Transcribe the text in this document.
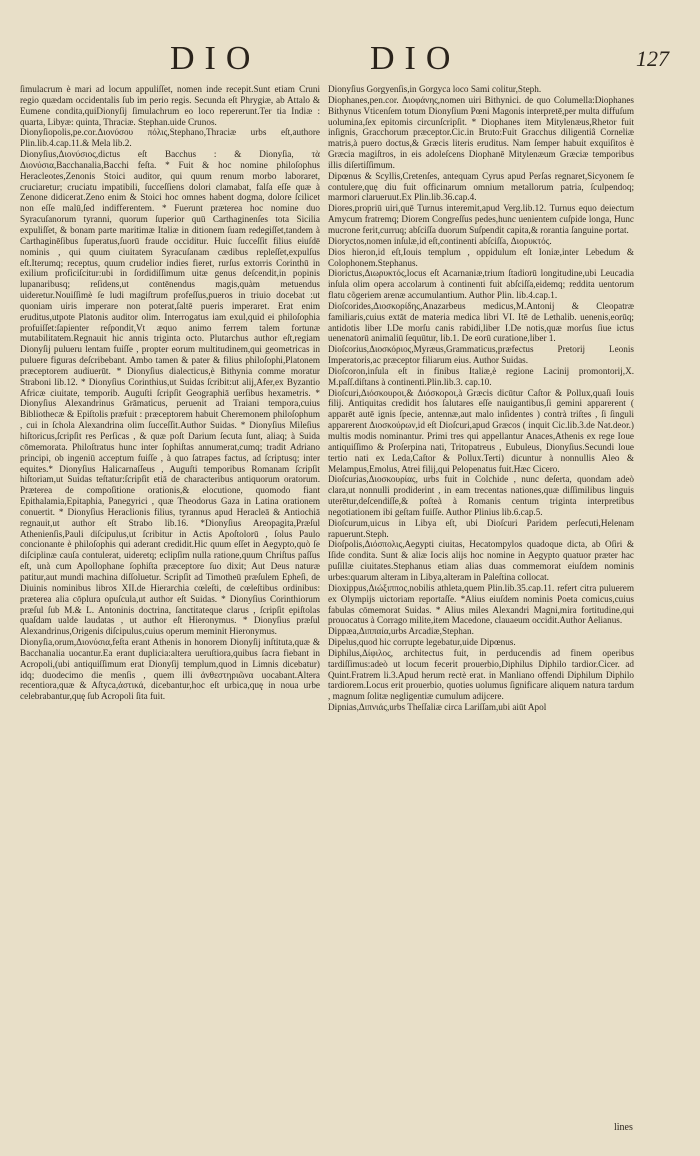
DIO	DIO	127

ſimulacrum è mari ad locum appuliſſet, nomen inde recepit.Sunt etiam Cruni regio quædam occidentalis ſub im perio regis. Secunda eſt Phrygiæ, ab Attalo & Eumene condita,quiDionyſij ſimulachrum eo loco repererunt.Ter tia Indiæ : quarta, Libyæ: quinta, Thraciæ. Stephan.uide Crunos.

Dionyſiopolis,pe.cor.Διονύσου πόλις,Stephano,Thraciæ urbs eſt,authore Plin.lib.4.cap.11.& Mela lib.2.

Dionyſius,Διονύσιος,dictus eſt Bacchus : & Dionyſia, τὰ Διονύσια,Bacchanalia,Bacchi feſta. * Fuit & hoc nomine philoſophus Heracleotes,Zenonis Stoici auditor, qui quum renum morbo laboraret, cruciaretur; cruciatu impatibili, ſucceſſiens dolori clamabat, falſa eſſe quæ à Zenone didicerat.Zeno enim & Stoici hoc omnes habent dogma, dolore ſcilicet non eſſe malū,ſed indifferentem. * Fuerunt præterea hoc nomine duo Syracuſanorum tyranni, quorum ſuperior quū Carthaginenſes tota Sicilia expuliſſet, & bonam parte maritimæ Italiæ in ditionem ſuam redegiſſet,tandem à Carthaginēſibus ſuperatus,ſuorū fraude occiditur. Huic ſucceſſit filius eiuſdē nominis , qui quum ciuitatem Syracuſanam cædibus repleſſet,expulſus eſt.Iterumq; receptus, quum crudelior indies fieret, rurſus extorris Corinthū in exilium proficiſcitur:ubi in ſordidiſſimum uitæ genus deſcendit,in popinis lupanaribusq; reſidens,ut contēnendus magis,quàm metuendus uideretur.Nouiſſimè ſe ludi magiſtrum profeſſus,pueros in triuio docebat :ut quoniam uiris imperare non poterat,ſaltē pueris imperaret. Erat enim eruditus,utpote Platonis auditor olim. Interrogatus iam exul,quid ei philoſophia profuiſſet:ſapienter reſpondit,Vt æquo animo ferrem talem fortunæ mutabilitatem.Regnauit hic annis triginta octo. Plutarchus author eſt,regiam Dionyſij pulueru lentam fuiſſe , propter eorum multitudinem,qui geometricas in puluere figuras deſcribebant. Ambo tamen & pater & filius philoſophi,Platonem præceptorem audiuerūt. * Dionyſius dialecticus,è Bithynia comme moratur Straboni lib.12. * Dionyſius Corinthius,ut Suidas ſcribit:ut alij,Afer,ex Byzantio Africæ ciuitate, temporib. Auguſti ſcripſit Geographiā uerſibus hexametris. * Dionyſius Alexandrinus Grāmaticus, peruenit ad Traiani tempora,cuius Bibliothecæ & Epiſtolis præfuit : præceptorem habuit Cheremonem philoſophum , cui in ſchola Alexandrina olim ſucceſſit.Author Suidas. * Dionyſius Mileſius hiſtoricus,ſcripſit res Perſicas , & quæ poſt Darium ſecuta ſunt, aliaq; à Suida cōmemorata. Philoſtratus hunc inter ſophiſtas annumerat,cumq; tradit Adriano principi, ob ingeniū acceptum fuiſſe , à quo ſatrapes factus, ad ſcriptusq; inter equites.* Dionyſius Halicarnaſſeus , Auguſti temporibus Romanam ſcripſit hiſtoriam,ut Suidas teſtatur:ſcripſit etiā de characteribus antiquorum oratorum. Præterea de compoſitione orationis,& elocutione, quomodo fiant Epithalamia,Epitaphia, Panegyrici , quæ Theodorus Gaza in Latina orationem conuertit. * Dionyſius Heraclionis filius, tyrannus apud Heracleā & Antiochiā regnauit,ut author eſt Strabo lib.16. *Dionyſius Areopagita,Præſul Athenienſis,Pauli diſcipulus,ut ſcribitur in Actis Apoſtolorū , ſolus Paulo concionante è philoſophis qui aderant credidit.Hic quum eſſet in Aegypto,quò ſe diſciplinæ cauſa contulerat, uideretq; eclipſim nulla ratione,quum Chriſtus paſſus eſt, unà cum Apollophane ſophiſta præceptore ſuo dixit; Aut Deus naturæ patitur,aut mundi machina diſſoluetur. Scripſit ad Timotheū præſulem Epheſi, de Diuinis nominibus libros XII.de Hierarchia cœleſti, de cœleſtibus ordinibus: præterea alia cōplura opuſcula,ut author eſt Suidas. * Dionyſius Corinthiorum præſul ſub M.& L. Antoninis doctrina, ſanctitateque clarus , ſcripſit epiſtolas quaſdam ualde laudatas , ut author eſt Hieronymus. * Dionyſius præſul Alexandrinus,Origenis diſcipulus,cuius operum meminit Hieronymus.

Dionyſia,orum,Διονύσια,feſta erant Athenis in honorem Dionyſij inſtituta,quæ & Bacchanalia uocantur.Ea erant duplicia:altera ueruſtiora,quibus ſacra fiebant in Acropoli,(ubi antiquiſſimum erat Dionyſij templum,quod in Limnis dicebatur) idq; duodecimo die menſis , quem illi ἀνθεστηριῶνα uocabant.Altera recentiora,quæ & Aſtyca,ἀστικά, dicebantur,hoc eſt urbica,quę in noua urbe celebrabantur,quę ſub Acropoli ſita fuit.

Dionyſius Gorgyenſis,in Gorgyca loco Sami colitur,Steph.

Diophanes,pen.cor. Διοφάνης,nomen uiri Bithynici. de quo Columella:Diophanes Bithynus Vticenſem totum Dionyſium Pœni Magonis interpretē,per multa diffuſum uolumina,ſex epitomis circunſcripſit. * Diophanes item Mitylenæus,Rhetor fuit inſignis, Gracchorum præceptor.Cic.in Bruto:Fuit Gracchus diligentiâ Corneliæ matris,à puero doctus,& Græcis literis eruditus. Nam ſemper habuit exquiſitos è Græcia magiſtros, in eis adoleſcens Diophanē Mitylenæum Græciæ temporibus illis diſertiſſimum.

Dipœnus & Scyllis,Cretenſes, antequam Cyrus apud Perſas regnaret,Sicyonem ſe contulere,quę diu fuit officinarum omnium metallorum patria, ſculpendoq; marmori clarueruut.Ex Plin.lib.36.cap.4.

Diores,propriū uiri,quē Turnus interemit,apud Verg.lib.12. Turnus equo deiectum Amycum fratremq; Diorem Congreſſus pedes,hunc uenientem cuſpide longa, Hunc mucrone ferit,curruq; abſciſſa duorum Suſpendit capita,& rorantia ſanguine portat.

Dioryctos,nomen inſulæ,id eſt,continenti abſciſſa, Διορυκτός.

Dios hieron,id eſt,Iouis templum , oppidulum eſt Ioniæ,inter Lebedum & Colophonem.Stephanus.

Diorictus,Διωρυκτός,locus eſt Acarnaniæ,trium ſtadiorū longitudine,ubi Leucadia inſula olim opera accolarum à continenti fuit abſciſſa,eidemq; reddita uentorum flatu cõgeriem arenæ accumulantium. Author Plin. lib.4.cap.1.

Dioſcorides,Διοσκορίδης,Anazarbeus medicus,M.Antonij & Cleopatræ familiaris,cuius extāt de materia medica libri VI. Itē de Lethalib. uenenis,eorūq; antidotis liber I.De morſu canis rabidi,liber I.De notis,quæ morſus ſiue ictus uenenatorū animaliū ſequūtur, lib.1. De eorū curatione,liber 1.

Dioſcorius,Διοσκόριος,Myræus,Grammaticus,præfectus Pretorij Leonis Imperatoris,ac præceptor filiarum eius. Author Suidas.

Dioſcoron,inſula eſt in finibus Italiæ,è regione Lacinij promontorij,X. M.paſſ.diſtans à continenti.Plin.lib.3. cap.10.

Dioſcuri,Διόσκουροι,& Διόσκοροι,à Græcis dicūtur Caſtor & Pollux,quaſi Iouis filij. Antiquitas credidit hos ſalutares eſſe nauigantibus,ſi gemini apparerent ( apparēt autē ignis ſpecie, antennæ,aut malo inſidentes ) contrà triſtes , ſi ſinguli apparerent Διοσκούρων,id eſt Dioſcuri,apud Græcos ( inquit Cic.lib.3.de Nat.deor.) multis modis nominantur. Primi tres qui appellantur Anaces,Athenis ex rege Ioue antiquiſſimo & Proſerpina nati, Tritopatreus , Eubuleus, Dionyſius.Secundi loue tertio nati ex Leda,Caſtor & Pollux.Terti) dicuntur à nonnullis Aleo & Melampus,Emolus, Atrei filij,qui Pelopenatus fuit.Hæc Cicero.

Dioſcurias,Διοσκουρίας, urbs fuit in Colchide , nunc deſerta, quondam adeò clara,ut nonnulli prodiderint , in eam trecentas nationes,quæ diſſimilibus linguis uterētur,deſcendiſſe,& poſteà à Romanis centum triginta interpretibus negotiationem ibi geſtam fuiſſe. Author Plinius lib.6.cap.5.

Dioſcurum,uicus in Libya eſt, ubi Dioſcuri Paridem perſecuti,Helenam rapuerunt.Steph.

Dioſpolis,Διόσπολις,Aegypti ciuitas, Hecatompylos quadoque dicta, ab Oſiri & Iſide condita. Sunt & aliæ Iocis alijs hoc nomine in Aegypto quatuor præter hac puſillæ ciuitates.Stephanus etiam alias duas commemorat eiuſdem nominis urbes:quarum alteram in Libya,alteram in Paleſtina collocat.

Dioxippus,Διώξιππος,nobilis athleta,quem Plin.lib.35.cap.11. refert citra puluerem ex Olympijs uictoriam reportaſſe. *Alius eiuſdem nominis Poeta comicus,cuius fabulas cōmemorat Suidas. * Alius miles Alexandri Magni,mira fortitudine,qui prouocatus à Corrago milite,item Macedone, clauaeum occidit.Author Aelianus.

Dippæa,Διππαία,urbs Arcadiæ,Stephan.

Dipelus,quod hic corrupte legebatur,uide Dipœnus.

Diphilus,Δίφιλος, architectus fuit, in perducendis ad finem operibus tardiſſimus:adeò ut locum fecerit prouerbio,Diphilus Diphilo tardior.Cicer. ad Quint.Fratrem li.3.Apud herum rectè erat. in Manliano offendi Diphilum Diphilo tardiorem.Locus erit prouerbio, quoties uolumus ſignificare aliquem natura tardum , magnum ſolitæ negligentiæ cumulum adijcere.

Dipnias,Διπνιάς,urbs Theſſaliæ circa Lariſſam,ubi aiūt Apol

lines
